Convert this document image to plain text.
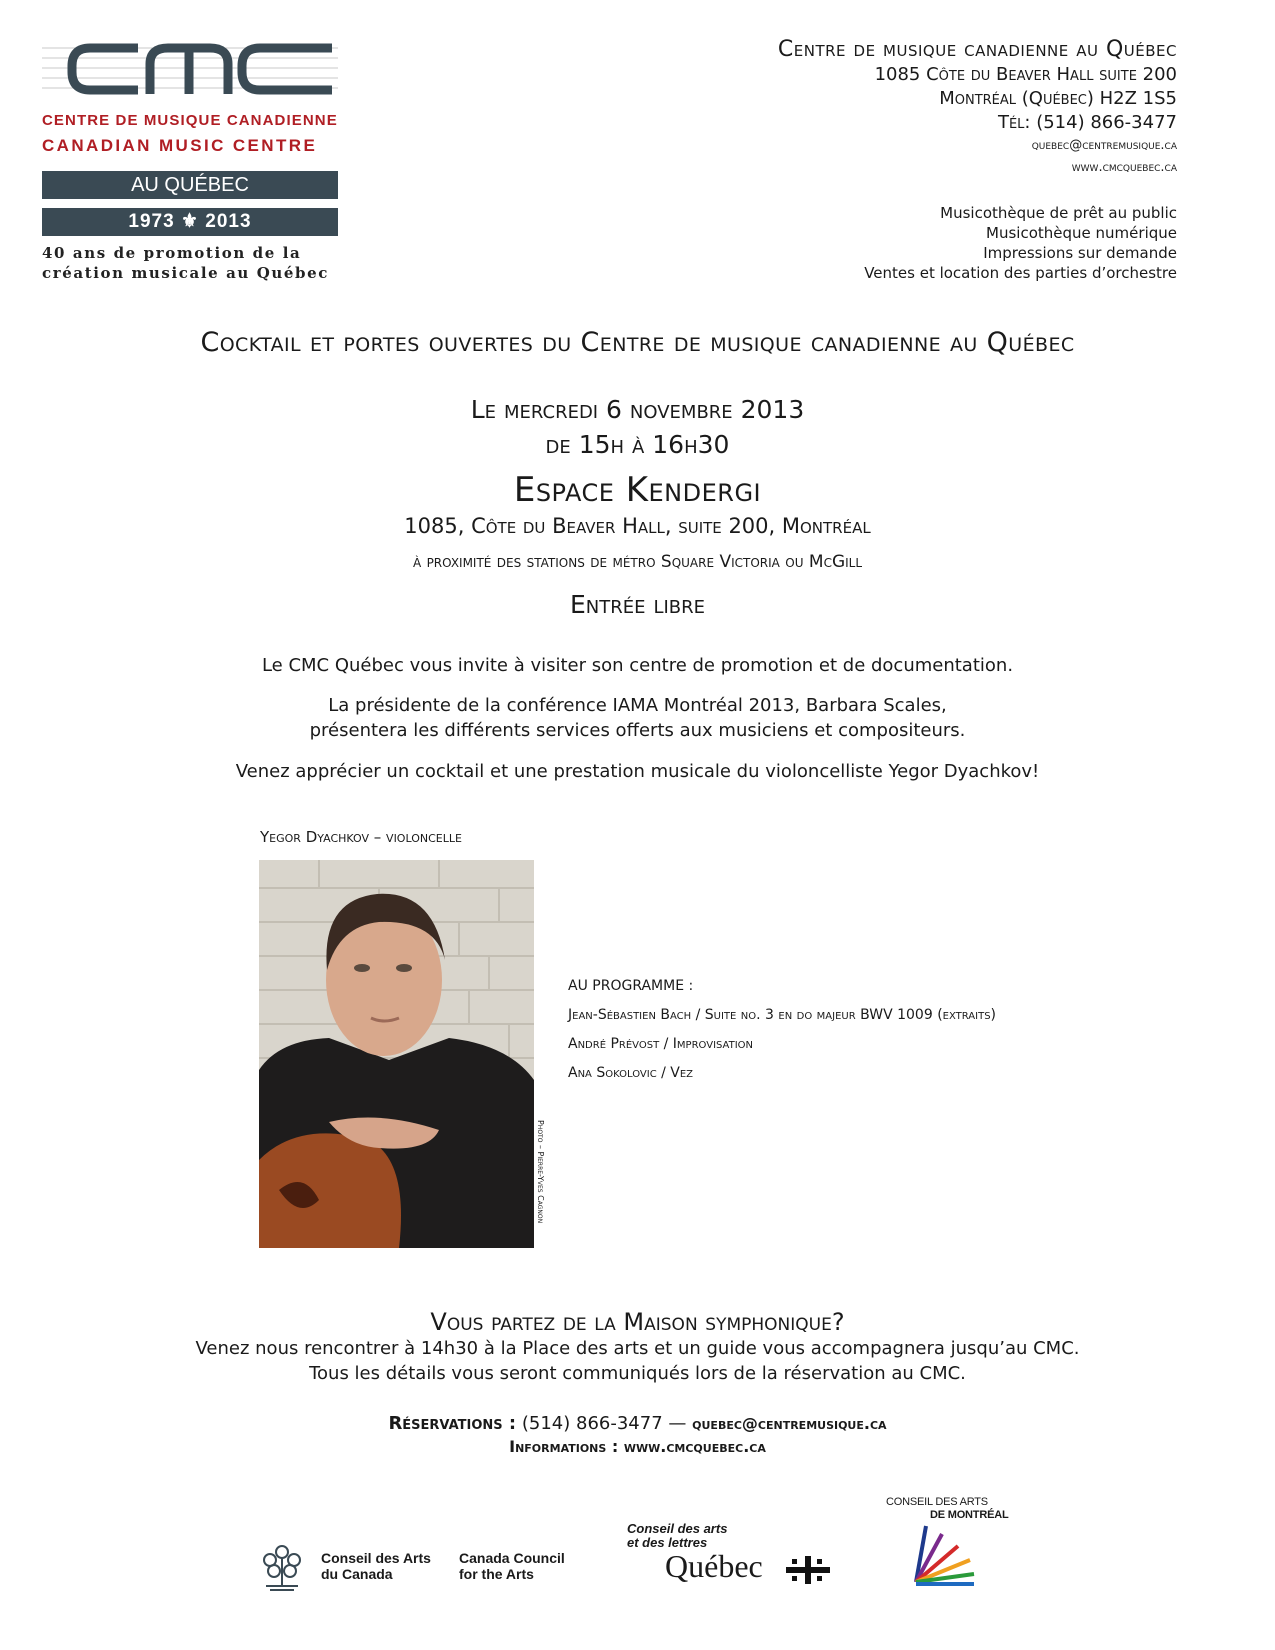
CENTRE DE MUSIQUE CANADIENNE
CANADIAN MUSIC CENTRE
AU QUÉBEC
1973 ⚜ 2013
40 ans de promotion de la
création musicale au Québec
Centre de musique canadienne au Québec
1085 Côte du Beaver Hall suite 200
Montréal (Québec) H2Z 1S5
Tél: (514) 866-3477
quebec@centremusique.ca
www.cmcquebec.ca
Musicothèque de prêt au public
Musicothèque numérique
Impressions sur demande
Ventes et location des parties d’orchestre
Cocktail et portes ouvertes du Centre de musique canadienne au Québec
Le mercredi 6 novembre 2013
de 15h à 16h30
Espace Kendergi
1085, Côte du Beaver Hall, suite 200, Montréal
à proximité des stations de métro Square Victoria ou McGill
Entrée libre
Le CMC Québec vous invite à visiter son centre de promotion et de documentation.
La présidente de la conférence IAMA Montréal 2013, Barbara Scales,
présentera les différents services offerts aux musiciens et compositeurs.
Venez apprécier un cocktail et une prestation musicale du violoncelliste Yegor Dyachkov!
Yegor Dyachkov – violoncelle
Photo – Pierre-Yves Cagnon
AU PROGRAMME :
Jean-Sébastien Bach / Suite no. 3 en do majeur BWV 1009 (extraits)
André Prévost / Improvisation
Ana Sokolovic / Vez
Vous partez de la Maison symphonique?
Venez nous rencontrer à 14h30 à la Place des arts et un guide vous accompagnera jusqu’au CMC.
Tous les détails vous seront communiqués lors de la réservation au CMC.
Réservations : (514) 866-3477 — quebec@centremusique.ca
Informations : www.cmcquebec.ca
Conseil des Arts
du Canada
Canada Council
for the Arts
Conseil des arts
et des lettres
Québec
CONSEIL DES ARTS
DE MONTRÉAL
